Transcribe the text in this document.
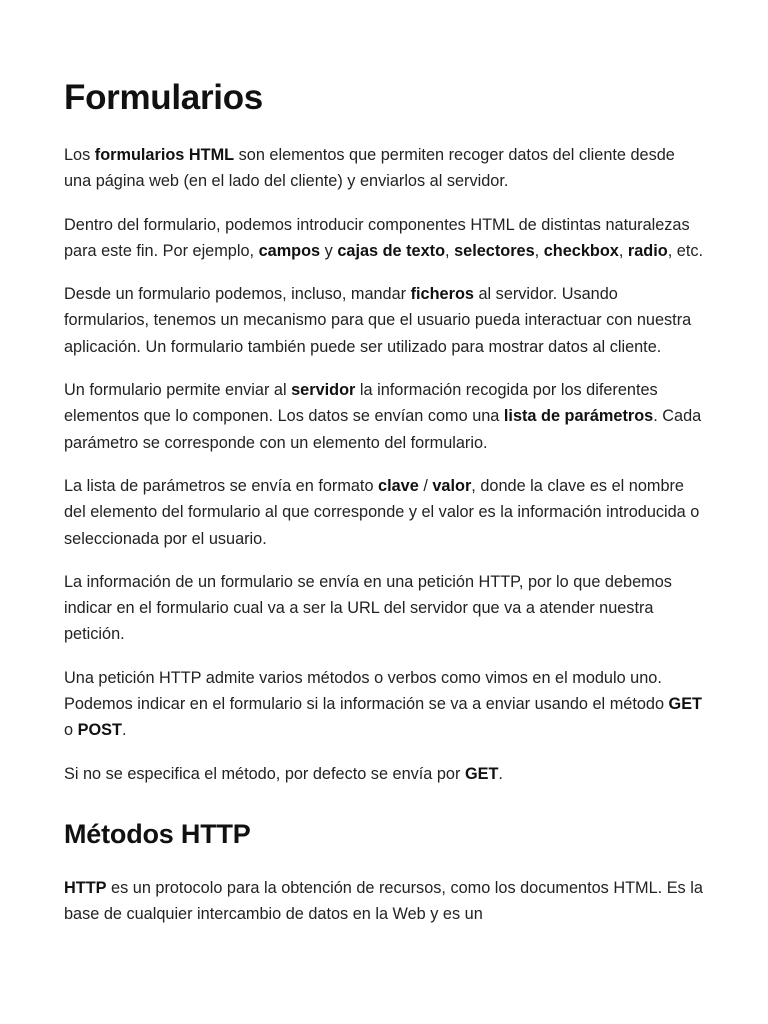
Formularios

Los formularios HTML son elementos que permiten recoger datos del cliente desde una página web (en el lado del cliente) y enviarlos al servidor.

Dentro del formulario, podemos introducir componentes HTML de distintas naturalezas para este fin. Por ejemplo, campos y cajas de texto, selectores, checkbox, radio, etc.

Desde un formulario podemos, incluso, mandar ficheros al servidor. Usando formularios, tenemos un mecanismo para que el usuario pueda interactuar con nuestra aplicación. Un formulario también puede ser utilizado para mostrar datos al cliente.

Un formulario permite enviar al servidor la información recogida por los diferentes elementos que lo componen. Los datos se envían como una lista de parámetros. Cada parámetro se corresponde con un elemento del formulario.

La lista de parámetros se envía en formato clave / valor, donde la clave es el nombre del elemento del formulario al que corresponde y el valor es la información introducida o seleccionada por el usuario.

La información de un formulario se envía en una petición HTTP, por lo que debemos indicar en el formulario cual va a ser la URL del servidor que va a atender nuestra petición.

Una petición HTTP admite varios métodos o verbos como vimos en el modulo uno. Podemos indicar en el formulario si la información se va a enviar usando el método GET o POST.

Si no se especifica el método, por defecto se envía por GET.

Métodos HTTP

HTTP es un protocolo para la obtención de recursos, como los documentos HTML. Es la base de cualquier intercambio de datos en la Web y es un
